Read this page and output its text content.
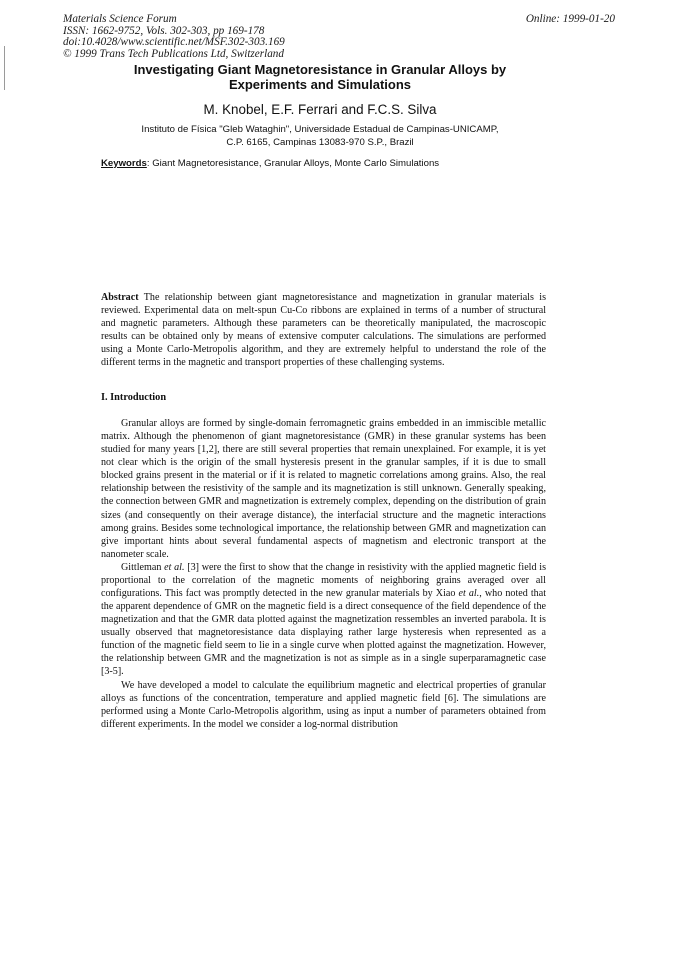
Materials Science Forum
ISSN: 1662-9752, Vols. 302-303, pp 169-178
doi:10.4028/www.scientific.net/MSF.302-303.169
© 1999 Trans Tech Publications Ltd, Switzerland
Online: 1999-01-20
Investigating Giant Magnetoresistance in Granular Alloys by Experiments and Simulations
M. Knobel, E.F. Ferrari and F.C.S. Silva
Instituto de Física "Gleb Wataghin", Universidade Estadual de Campinas-UNICAMP,
C.P. 6165, Campinas 13083-970 S.P., Brazil
Keywords: Giant Magnetoresistance, Granular Alloys, Monte Carlo Simulations
Abstract The relationship between giant magnetoresistance and magnetization in granular materials is reviewed. Experimental data on melt-spun Cu-Co ribbons are explained in terms of a number of structural and magnetic parameters. Although these parameters can be theoretically manipulated, the macroscopic results can be obtained only by means of extensive computer calculations. The simulations are performed using a Monte Carlo-Metropolis algorithm, and they are extremely helpful to understand the role of the different terms in the magnetic and transport properties of these challenging systems.
I. Introduction

Granular alloys are formed by single-domain ferromagnetic grains embedded in an immiscible metallic matrix. Although the phenomenon of giant magnetoresistance (GMR) in these granular systems has been studied for many years [1,2], there are still several properties that remain unexplained. For example, it is yet not clear which is the origin of the small hysteresis present in the granular samples, if it is due to small blocked grains present in the material or if it is related to magnetic correlations among grains. Also, the real relationship between the resistivity of the sample and its magnetization is still unknown. Generally speaking, the connection between GMR and magnetization is extremely complex, depending on the distribution of grain sizes (and consequently on their average distance), the interfacial structure and the magnetic interactions among grains. Besides some technological importance, the relationship between GMR and magnetization can give important hints about several fundamental aspects of magnetism and electronic transport at the nanometer scale.

Gittleman et al. [3] were the first to show that the change in resistivity with the applied magnetic field is proportional to the correlation of the magnetic moments of neighboring grains averaged over all configurations. This fact was promptly detected in the new granular materials by Xiao et al., who noted that the apparent dependence of GMR on the magnetic field is a direct consequence of the field dependence of the magnetization and that the GMR data plotted against the magnetization ressembles an inverted parabola. It is usually observed that magnetoresistance data displaying rather large hysteresis when represented as a function of the magnetic field seem to lie in a single curve when plotted against the magnetization. However, the relationship between GMR and the magnetization is not as simple as in a single superparamagnetic case [3-5].

We have developed a model to calculate the equilibrium magnetic and electrical properties of granular alloys as functions of the concentration, temperature and applied magnetic field [6]. The simulations are performed using a Monte Carlo-Metropolis algorithm, using as input a number of parameters obtained from different experiments. In the model we consider a log-normal distribution
